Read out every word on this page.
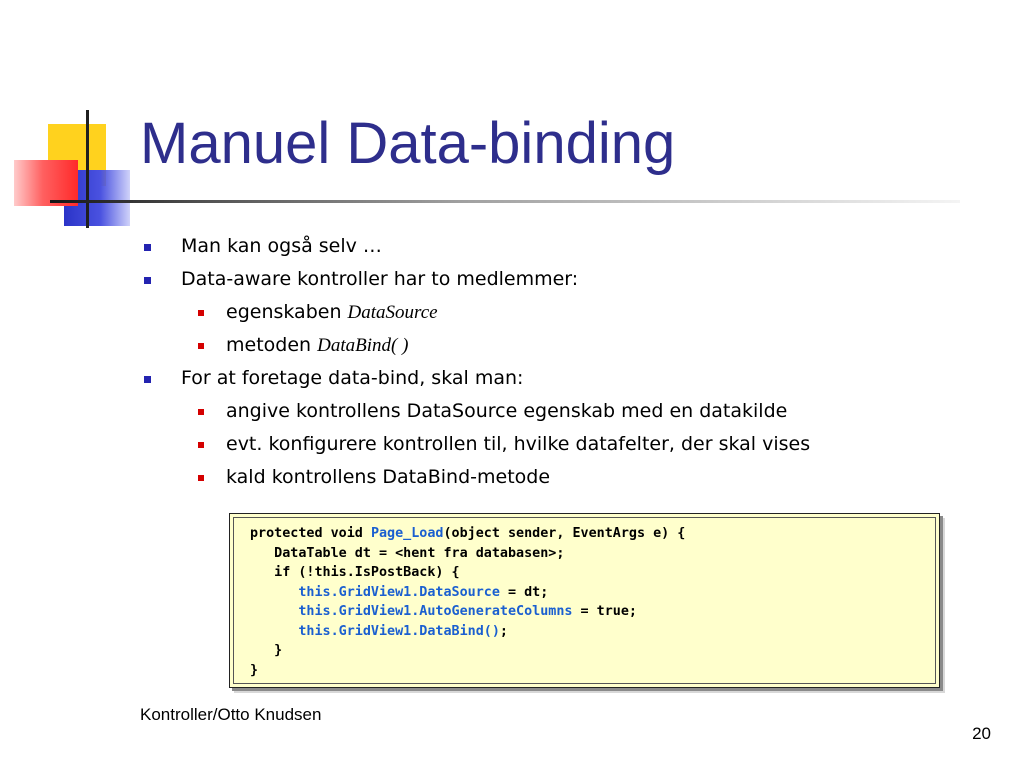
Manuel Data-binding
Man kan også selv …
Data-aware kontroller har to medlemmer:
egenskaben DataSource
metoden DataBind( )
For at foretage data-bind, skal man:
angive kontrollens DataSource egenskab med en datakilde
evt. konfigurere kontrollen til, hvilke datafelter, der skal vises
kald kontrollens DataBind-metode
protected void Page_Load(object sender, EventArgs e) {
DataTable dt = <hent fra databasen>;
if (!this.IsPostBack) {
this.GridView1.DataSource = dt;
this.GridView1.AutoGenerateColumns = true;
this.GridView1.DataBind();
}
}
Kontroller/Otto Knudsen
20
